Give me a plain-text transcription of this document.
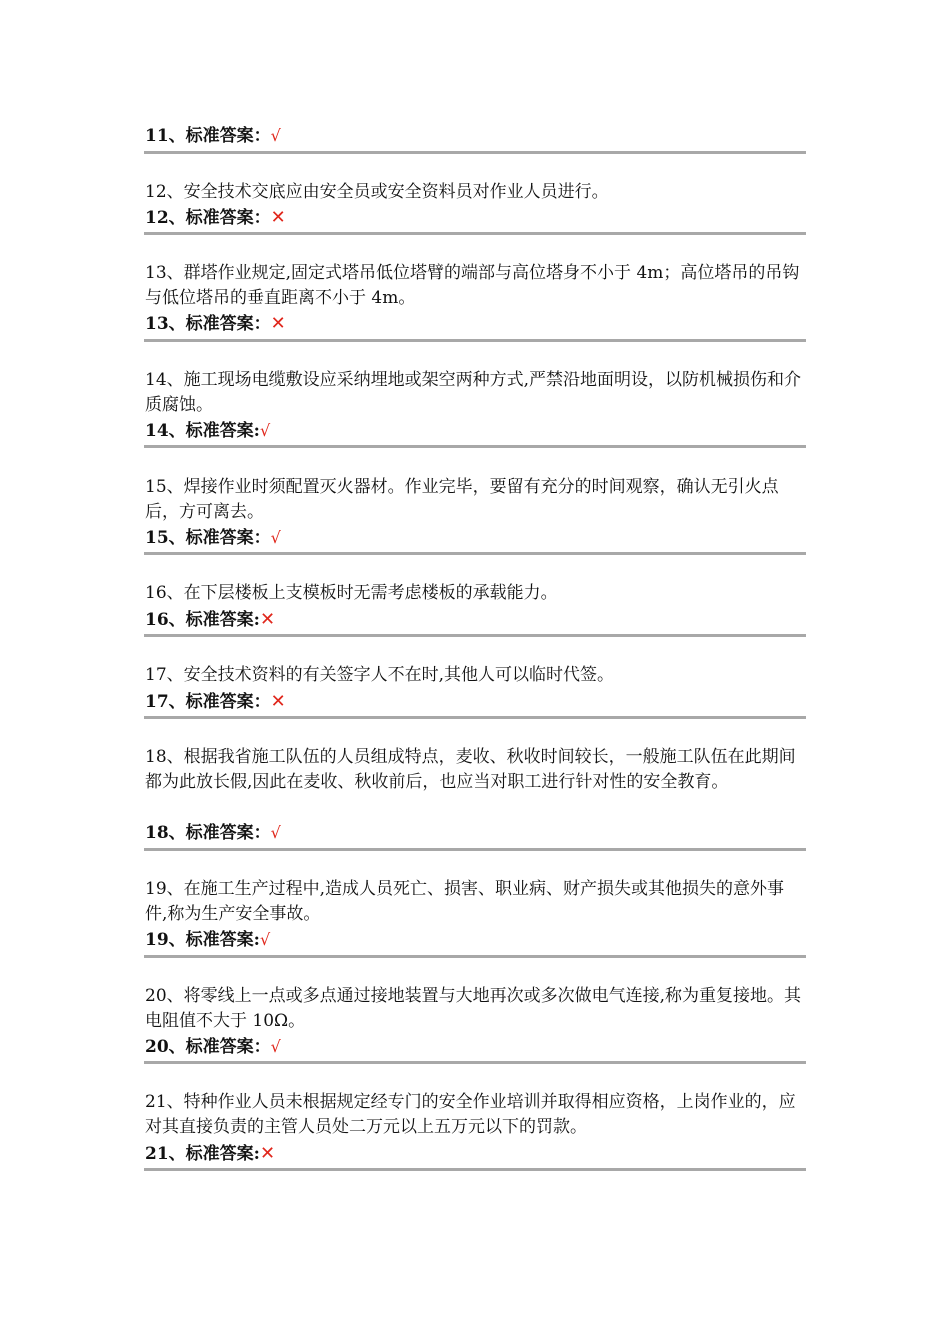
11、标准答案：√

12、安全技术交底应由安全员或安全资料员对作业人员进行。

12、标准答案：✕

13、群塔作业规定,固定式塔吊低位塔臂的端部与高位塔身不小于 4m；高位塔吊的吊钩与低位塔吊的垂直距离不小于 4m。

13、标准答案：✕

14、施工现场电缆敷设应采纳埋地或架空两种方式,严禁沿地面明设，以防机械损伤和介质腐蚀。

14、标准答案:√

15、焊接作业时须配置灭火器材。作业完毕，要留有充分的时间观察，确认无引火点后，方可离去。

15、标准答案：√

16、在下层楼板上支模板时无需考虑楼板的承载能力。

16、标准答案:✕

17、安全技术资料的有关签字人不在时,其他人可以临时代签。

17、标准答案：✕

18、根据我省施工队伍的人员组成特点，麦收、秋收时间较长，一般施工队伍在此期间都为此放长假,因此在麦收、秋收前后，也应当对职工进行针对性的安全教育。

18、标准答案：√

19、在施工生产过程中,造成人员死亡、损害、职业病、财产损失或其他损失的意外事件,称为生产安全事故。

19、标准答案:√

20、将零线上一点或多点通过接地装置与大地再次或多次做电气连接,称为重复接地。其电阻值不大于 10Ω。

20、标准答案：√

21、特种作业人员未根据规定经专门的安全作业培训并取得相应资格，上岗作业的，应对其直接负责的主管人员处二万元以上五万元以下的罚款。

21、标准答案:✕
